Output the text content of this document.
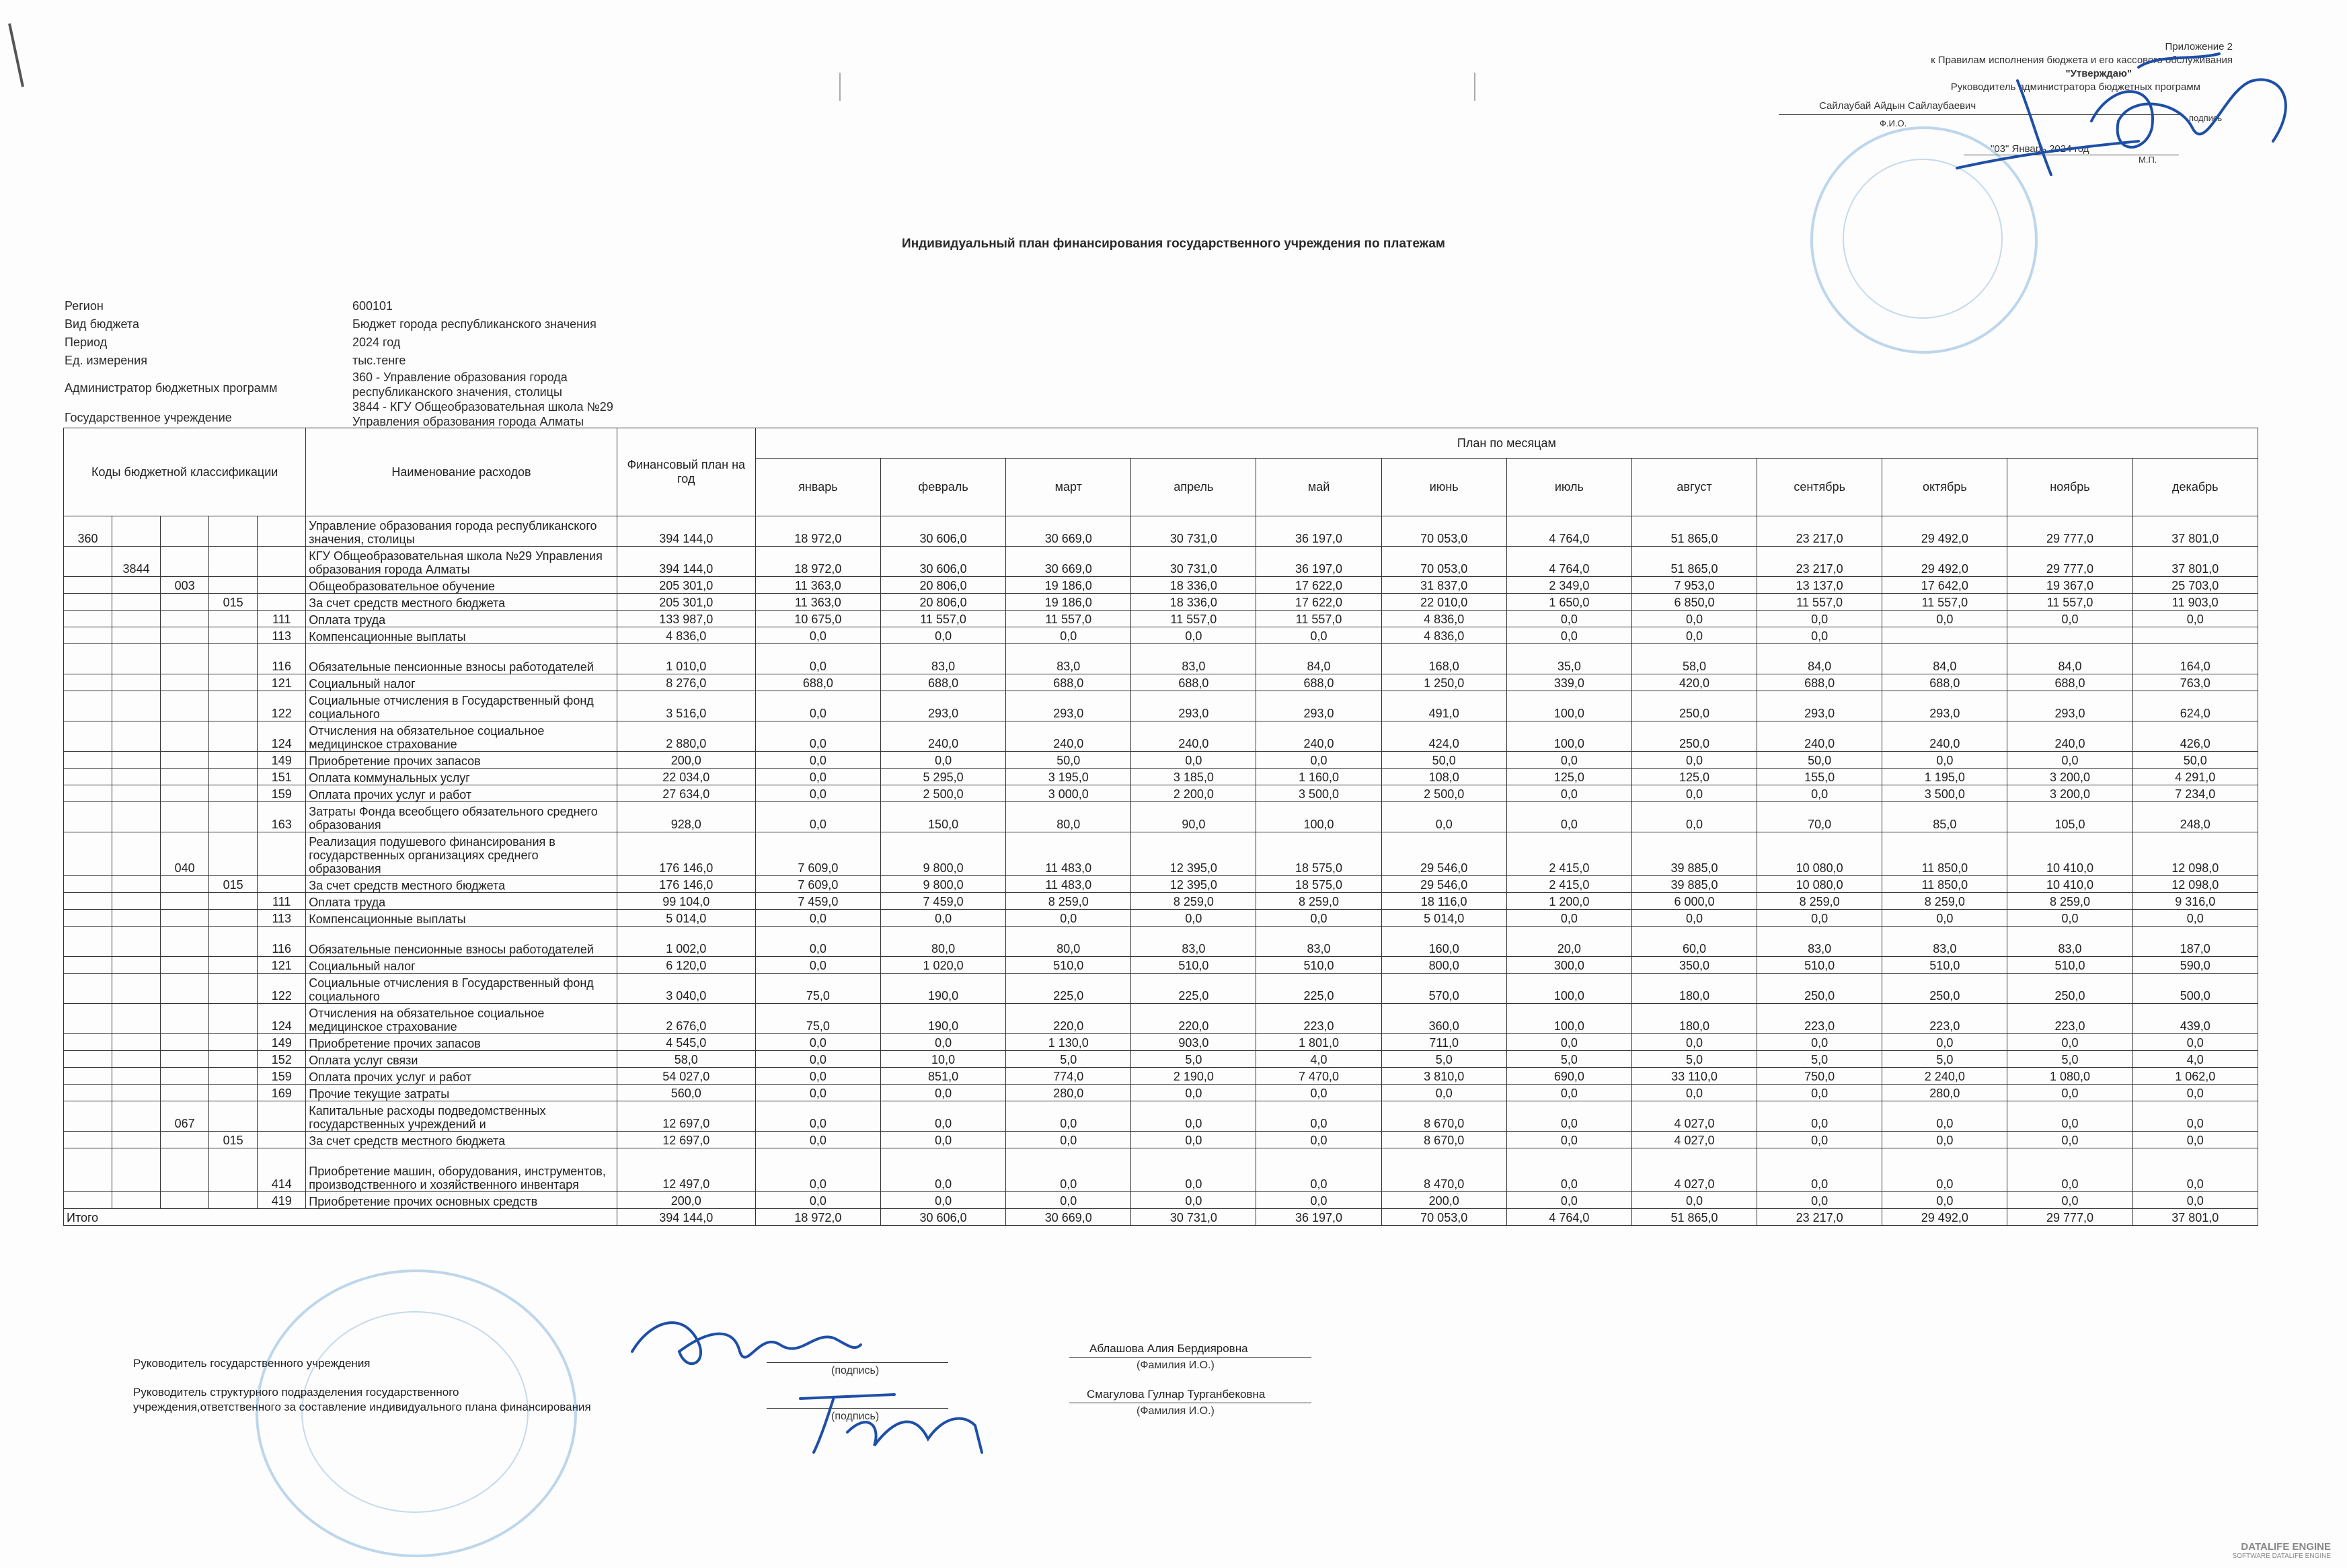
Приложение 2
к Правилам исполнения бюджета и его кассового обслуживания
"Утверждаю"
Руководитель администратора бюджетных программ
Сайлаубай Айдын Сайлаубаевич
Ф.И.О.
подпись
"03" Январь 2024 год
М.П.
Индивидуальный план финансирования государственного учреждения по платежам
Регион	600101
Вид бюджета	Бюджет города республиканского значения
Период	2024 год
Ед. измерения	тыс.тенге
Администратор бюджетных программ
360 - Управление образования города республиканского значения, столицы
Государственное учреждение
3844 - КГУ Общеобразовательная школа №29 Управления образования города Алматы
Коды бюджетной классификации					Наименование расходов	Финансовый план на год	План по месяцам											
							январь	февраль	март	апрель	май	июнь	июль	август	сентябрь	октябрь	ноябрь	декабрь
360					Управление образования города республиканского значения, столицы	394 144,0	18 972,0	30 606,0	30 669,0	30 731,0	36 197,0	70 053,0	4 764,0	51 865,0	23 217,0	29 492,0	29 777,0	37 801,0
	3844				КГУ Общеобразовательная школа №29 Управления образования города Алматы	394 144,0	18 972,0	30 606,0	30 669,0	30 731,0	36 197,0	70 053,0	4 764,0	51 865,0	23 217,0	29 492,0	29 777,0	37 801,0
		003			Общеобразовательное обучение	205 301,0	11 363,0	20 806,0	19 186,0	18 336,0	17 622,0	31 837,0	2 349,0	7 953,0	13 137,0	17 642,0	19 367,0	25 703,0
			015		За счет средств местного бюджета	205 301,0	11 363,0	20 806,0	19 186,0	18 336,0	17 622,0	22 010,0	1 650,0	6 850,0	11 557,0	11 557,0	11 557,0	11 903,0
				111	Оплата труда	133 987,0	10 675,0	11 557,0	11 557,0	11 557,0	11 557,0	4 836,0	0,0	0,0	0,0	0,0	0,0	0,0
				113	Компенсационные выплаты	4 836,0	0,0	0,0	0,0	0,0	0,0	4 836,0	0,0	0,0	0,0			
				116	Обязательные пенсионные взносы работодателей	1 010,0	0,0	83,0	83,0	83,0	84,0	168,0	35,0	58,0	84,0	84,0	84,0	164,0
				121	Социальный налог	8 276,0	688,0	688,0	688,0	688,0	688,0	1 250,0	339,0	420,0	688,0	688,0	688,0	763,0
				122	Социальные отчисления в Государственный фонд социального	3 516,0	0,0	293,0	293,0	293,0	293,0	491,0	100,0	250,0	293,0	293,0	293,0	624,0
				124	Отчисления на обязательное социальное медицинское страхование	2 880,0	0,0	240,0	240,0	240,0	240,0	424,0	100,0	250,0	240,0	240,0	240,0	426,0
				149	Приобретение прочих запасов	200,0	0,0	0,0	50,0	0,0	0,0	50,0	0,0	0,0	50,0	0,0	0,0	50,0
				151	Оплата коммунальных услуг	22 034,0	0,0	5 295,0	3 195,0	3 185,0	1 160,0	108,0	125,0	125,0	155,0	1 195,0	3 200,0	4 291,0
				159	Оплата прочих услуг и работ	27 634,0	0,0	2 500,0	3 000,0	2 200,0	3 500,0	2 500,0	0,0	0,0	0,0	3 500,0	3 200,0	7 234,0
				163	Затраты Фонда всеобщего обязательного среднего образования	928,0	0,0	150,0	80,0	90,0	100,0	0,0	0,0	0,0	70,0	85,0	105,0	248,0
		040			Реализация подушевого финансирования в государственных организациях среднего образования	176 146,0	7 609,0	9 800,0	11 483,0	12 395,0	18 575,0	29 546,0	2 415,0	39 885,0	10 080,0	11 850,0	10 410,0	12 098,0
			015		За счет средств местного бюджета	176 146,0	7 609,0	9 800,0	11 483,0	12 395,0	18 575,0	29 546,0	2 415,0	39 885,0	10 080,0	11 850,0	10 410,0	12 098,0
				111	Оплата труда	99 104,0	7 459,0	7 459,0	8 259,0	8 259,0	8 259,0	18 116,0	1 200,0	6 000,0	8 259,0	8 259,0	8 259,0	9 316,0
				113	Компенсационные выплаты	5 014,0	0,0	0,0	0,0	0,0	0,0	5 014,0	0,0	0,0	0,0	0,0	0,0	0,0
				116	Обязательные пенсионные взносы работодателей	1 002,0	0,0	80,0	80,0	83,0	83,0	160,0	20,0	60,0	83,0	83,0	83,0	187,0
				121	Социальный налог	6 120,0	0,0	1 020,0	510,0	510,0	510,0	800,0	300,0	350,0	510,0	510,0	510,0	590,0
				122	Социальные отчисления в Государственный фонд социального	3 040,0	75,0	190,0	225,0	225,0	225,0	570,0	100,0	180,0	250,0	250,0	250,0	500,0
				124	Отчисления на обязательное социальное медицинское страхование	2 676,0	75,0	190,0	220,0	220,0	223,0	360,0	100,0	180,0	223,0	223,0	223,0	439,0
				149	Приобретение прочих запасов	4 545,0	0,0	0,0	1 130,0	903,0	1 801,0	711,0	0,0	0,0	0,0	0,0	0,0	0,0
				152	Оплата услуг связи	58,0	0,0	10,0	5,0	5,0	4,0	5,0	5,0	5,0	5,0	5,0	5,0	4,0
				159	Оплата прочих услуг и работ	54 027,0	0,0	851,0	774,0	2 190,0	7 470,0	3 810,0	690,0	33 110,0	750,0	2 240,0	1 080,0	1 062,0
				169	Прочие текущие затраты	560,0	0,0	0,0	280,0	0,0	0,0	0,0	0,0	0,0	0,0	280,0	0,0	0,0
		067			Капитальные расходы подведомственных государственных учреждений и	12 697,0	0,0	0,0	0,0	0,0	0,0	8 670,0	0,0	4 027,0	0,0	0,0	0,0	0,0
			015		За счет средств местного бюджета	12 697,0	0,0	0,0	0,0	0,0	0,0	8 670,0	0,0	4 027,0	0,0	0,0	0,0	0,0
				414	Приобретение машин, оборудования, инструментов, производственного и хозяйственного инвентаря	12 497,0	0,0	0,0	0,0	0,0	0,0	8 470,0	0,0	4 027,0	0,0	0,0	0,0	0,0
				419	Приобретение прочих основных средств	200,0	0,0	0,0	0,0	0,0	0,0	200,0	0,0	0,0	0,0	0,0	0,0	0,0
Итого						394 144,0	18 972,0	30 606,0	30 669,0	30 731,0	36 197,0	70 053,0	4 764,0	51 865,0	23 217,0	29 492,0	29 777,0	37 801,0
Руководитель государственного учреждения
Руководитель структурного подразделения государственного
учреждения,ответственного за составление индивидуального плана финансирования
(подпись)
(подпись)
Аблашова Алия Бердияровна
(Фамилия И.О.)
Смагулова Гулнар Турганбековна
(Фамилия И.О.)
DATALIFE ENGINE
SOFTWARE DATALIFE ENGINE
